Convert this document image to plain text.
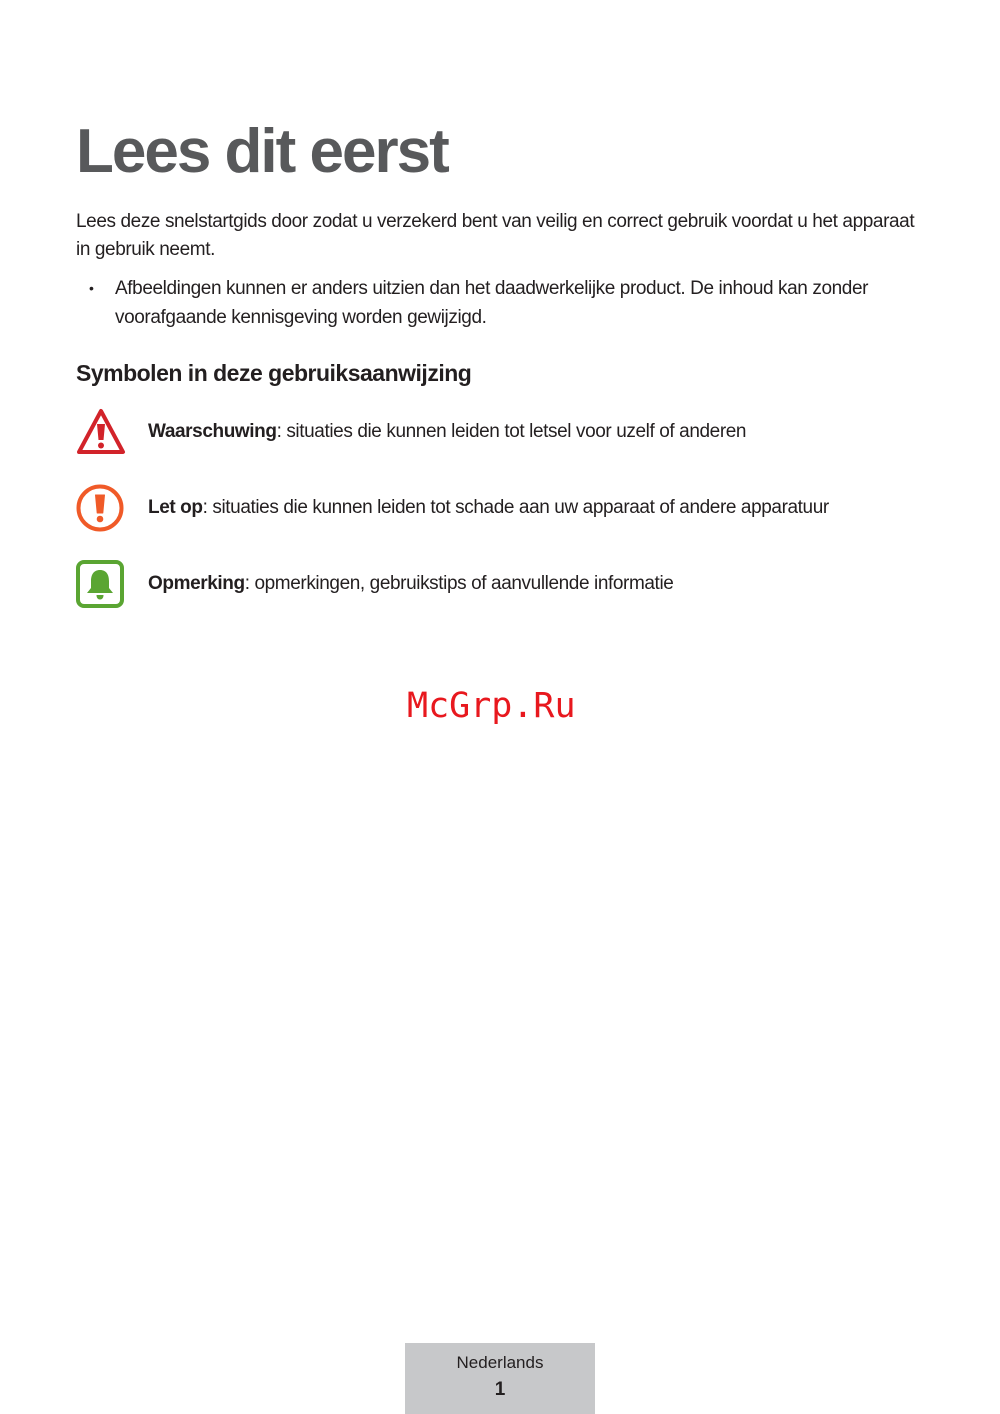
Lees dit eerst

Lees deze snelstartgids door zodat u verzekerd bent van veilig en correct gebruik voordat u het apparaat in gebruik neemt.

• Afbeeldingen kunnen er anders uitzien dan het daadwerkelijke product. De inhoud kan zonder voorafgaande kennisgeving worden gewijzigd.
Symbolen in deze gebruiksaanwijzing
Waarschuwing: situaties die kunnen leiden tot letsel voor uzelf of anderen
Let op: situaties die kunnen leiden tot schade aan uw apparaat of andere apparatuur
Opmerking: opmerkingen, gebruikstips of aanvullende informatie
McGrp.Ru
Nederlands
1
